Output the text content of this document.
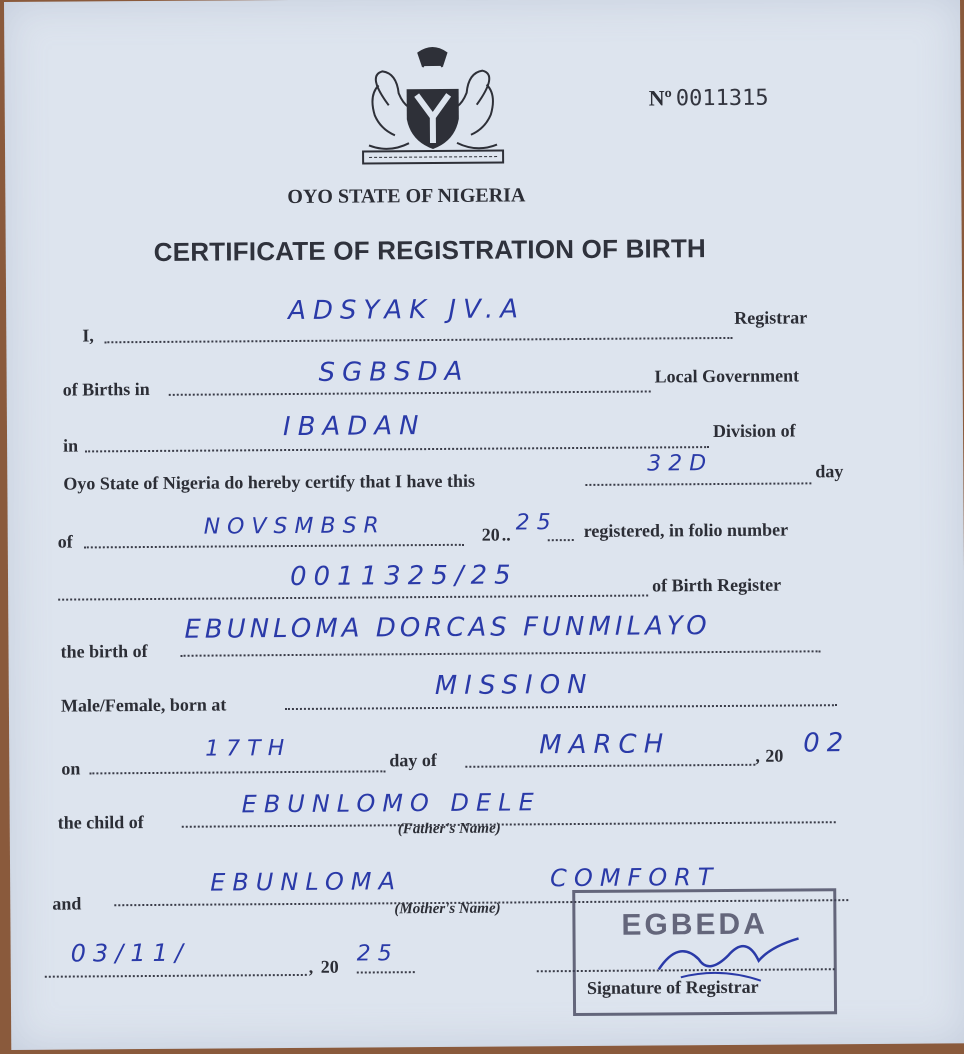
Nº 0011315
OYO STATE OF NIGERIA
CERTIFICATE OF REGISTRATION OF BIRTH
I,
ADSYAK JV.A	Registrar
of Births in
SGBSDA	Local Government
in
IBADAN	Division of
Oyo State of Nigeria do hereby certify that I have this
32D	day
of
NOVSMBSR	20 .. 25 registered, in folio number
0011325/25	of Birth Register
the birth of
EBUNLOMA DORCAS FUNMILAYO
Male/Female, born at
MISSION
on
17TH	day of	MARCH	, 20 02
the child of
EBUNLOMO DELE
(Father's Name)
and
EBUNLOMA	COMFORT
(Mother's Name)
03/11/	, 20
25
Signature of Registrar
EGBEDA
